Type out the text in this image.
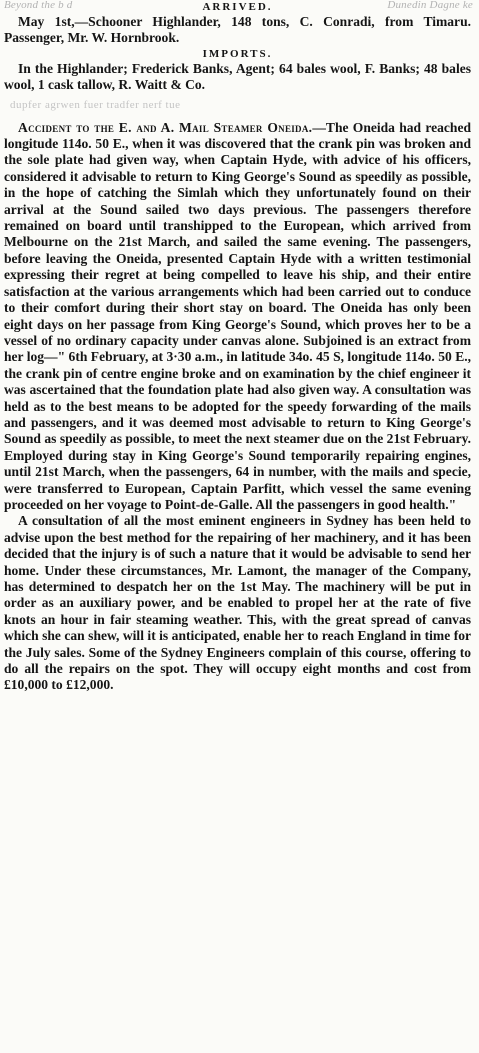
Beyond the b d	Dunedin Dagne ke
ARRIVED.

May 1st,—Schooner Highlander, 148 tons, C. Conradi, from Timaru. Passenger, Mr. W. Hornbrook.

IMPORTS.

In the Highlander; Frederick Banks, Agent; 64 bales wool, F. Banks; 48 bales wool, 1 cask tallow, R. Waitt & Co.

dupfer agrwen fuer tradfer nerf tue

Accident to the E. and A. Mail Steamer Oneida.—The Oneida had reached longitude 114o. 50 E., when it was discovered that the crank pin was broken and the sole plate had given way, when Captain Hyde, with advice of his officers, considered it advisable to return to King George's Sound as speedily as possible, in the hope of catching the Simlah which they unfortunately found on their arrival at the Sound sailed two days previous. The passengers therefore remained on board until transhipped to the European, which arrived from Melbourne on the 21st March, and sailed the same evening. The passengers, before leaving the Oneida, presented Captain Hyde with a written testimonial expressing their regret at being compelled to leave his ship, and their entire satisfaction at the various arrangements which had been carried out to conduce to their comfort during their short stay on board. The Oneida has only been eight days on her passage from King George's Sound, which proves her to be a vessel of no ordinary capacity under canvas alone. Subjoined is an extract from her log—" 6th February, at 3·30 a.m., in latitude 34o. 45 S, longitude 114o. 50 E., the crank pin of centre engine broke and on examination by the chief engineer it was ascertained that the foundation plate had also given way. A consultation was held as to the best means to be adopted for the speedy forwarding of the mails and passengers, and it was deemed most advisable to return to King George's Sound as speedily as possible, to meet the next steamer due on the 21st February. Employed during stay in King George's Sound temporarily repairing engines, until 21st March, when the passengers, 64 in number, with the mails and specie, were transferred to European, Captain Parfitt, which vessel the same evening proceeded on her voyage to Point-de-Galle. All the passengers in good health."

A consultation of all the most eminent engineers in Sydney has been held to advise upon the best method for the repairing of her machinery, and it has been decided that the injury is of such a nature that it would be advisable to send her home. Under these circumstances, Mr. Lamont, the manager of the Company, has determined to despatch her on the 1st May. The machinery will be put in order as an auxiliary power, and be enabled to propel her at the rate of five knots an hour in fair steaming weather. This, with the great spread of canvas which she can shew, will it is anticipated, enable her to reach England in time for the July sales. Some of the Sydney Engineers complain of this course, offering to do all the repairs on the spot. They will occupy eight months and cost from £10,000 to £12,000.
